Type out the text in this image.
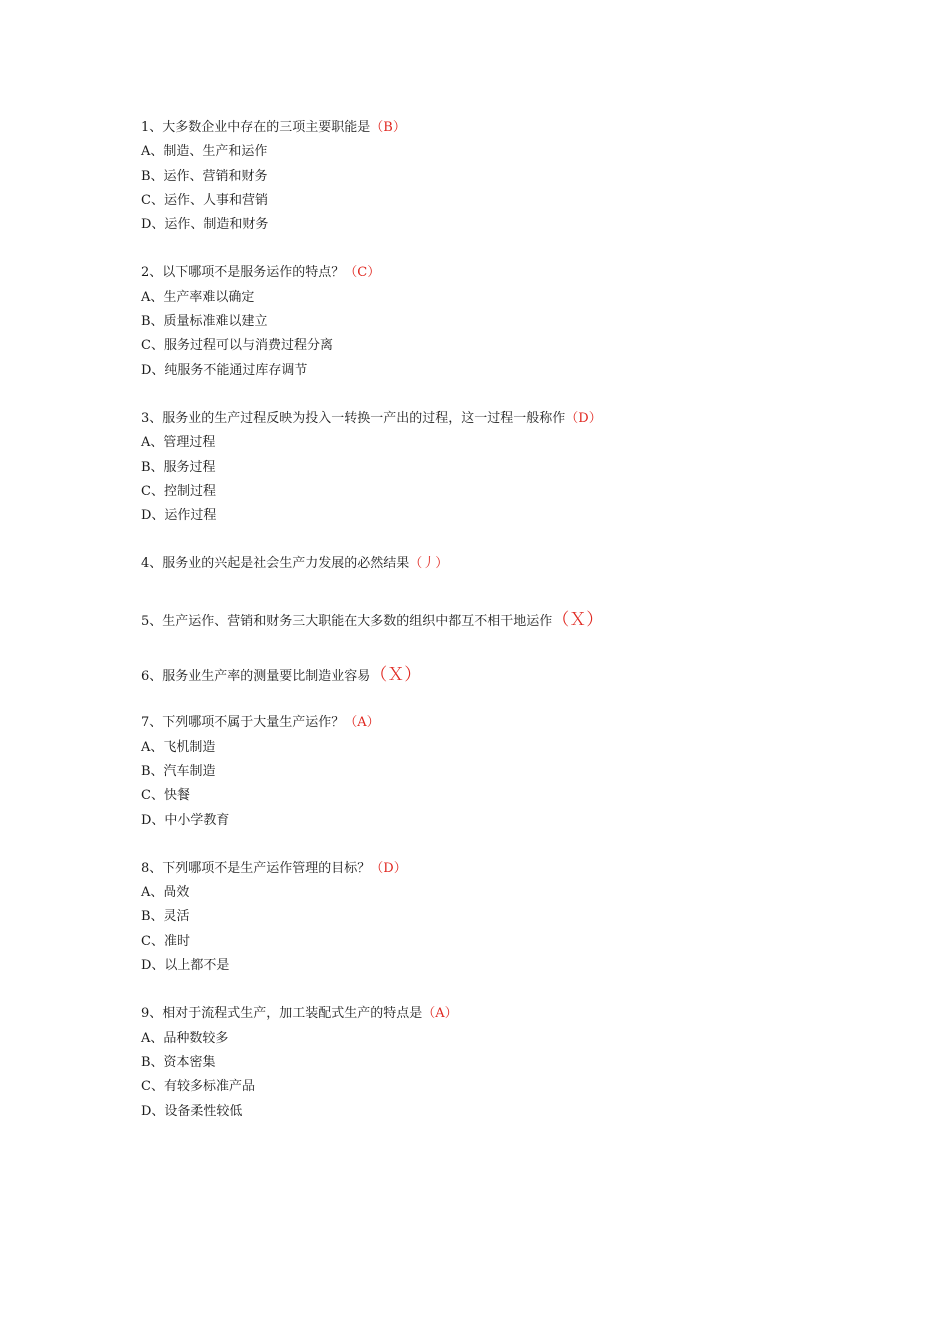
1、大多数企业中存在的三项主要职能是（B）
A、制造、生产和运作
B、运作、营销和财务
C、运作、人事和营销
D、运作、制造和财务
2、以下哪项不是服务运作的特点？（C）
A、生产率难以确定
B、质量标准难以建立
C、服务过程可以与消费过程分离
D、纯服务不能通过库存调节
3、服务业的生产过程反映为投入一转换一产出的过程，这一过程一般称作（D）
A、管理过程
B、服务过程
C、控制过程
D、运作过程
4、服务业的兴起是社会生产力发展的必然结果（丿）
5、生产运作、营销和财务三大职能在大多数的组织中都互不相干地运作（Ｘ）
6、服务业生产率的测量要比制造业容易（Ｘ）
7、下列哪项不属于大量生产运作？（A）
A、飞机制造
B、汽车制造
C、快餐
D、中小学教育
8、下列哪项不是生产运作管理的目标？（D）
A、咼效
B、灵活
C、准时
D、以上都不是
9、相对于流程式生产，加工装配式生产的特点是（A）
A、品种数较多
B、资本密集
C、有较多标准产品
D、设备柔性较低
